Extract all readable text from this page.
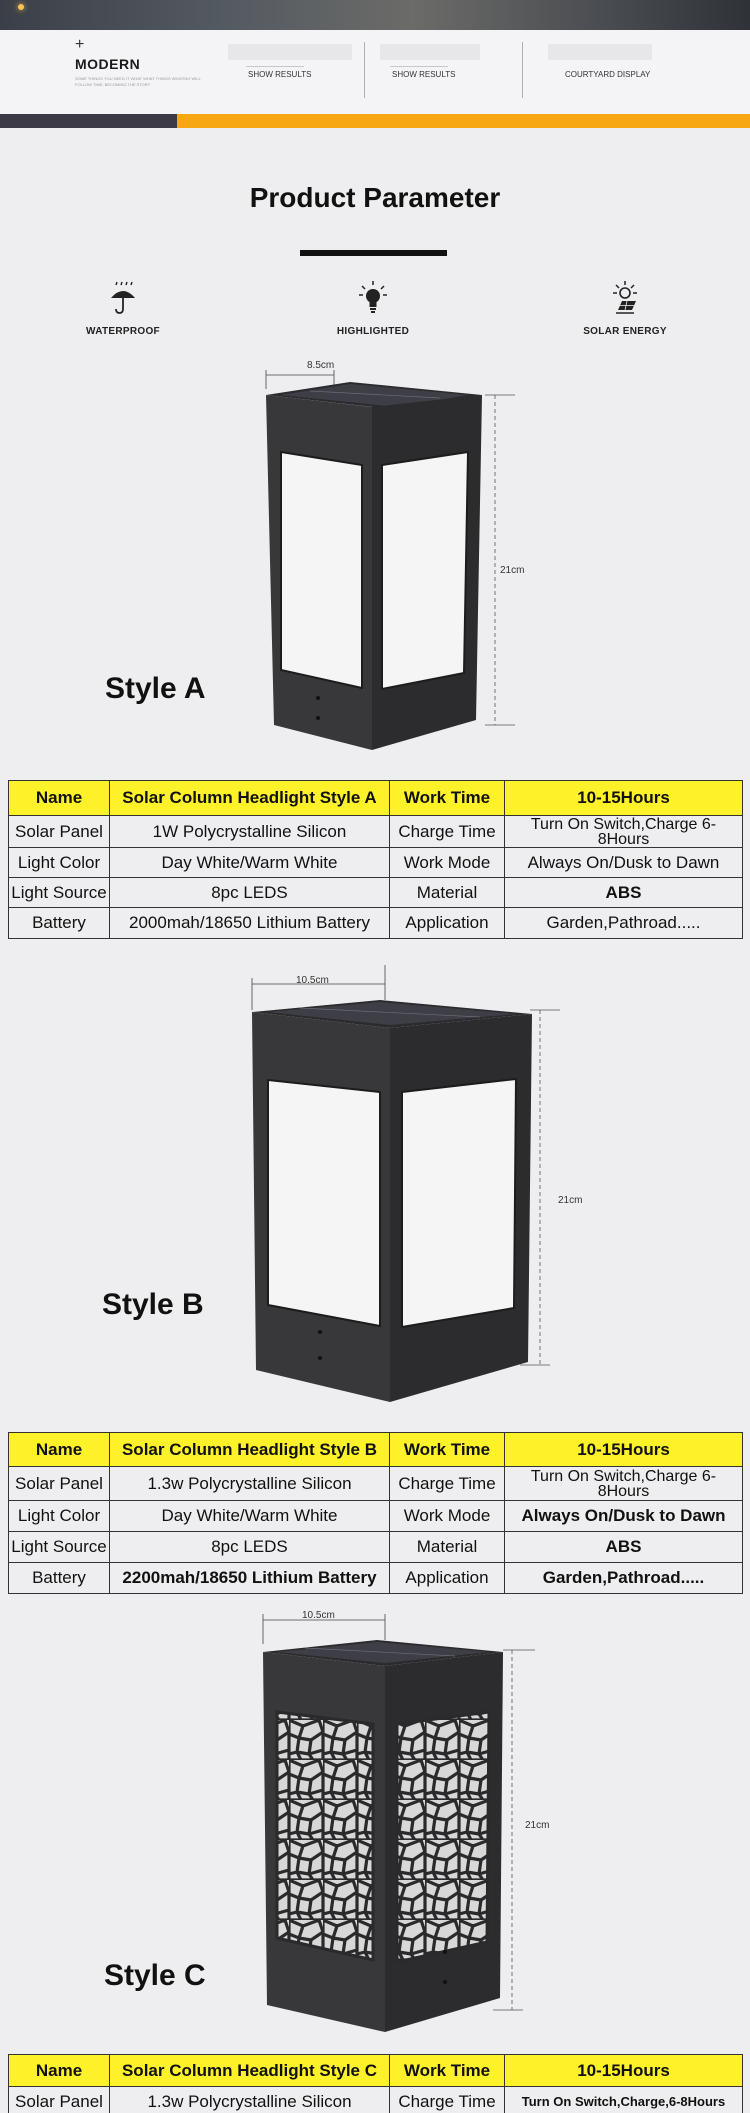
+
MODERN
SOME THINGS YOU NEED IT WHAT WHAT THINGS WHATING WILL FOLLOW TIME, BECOMING THE STORY
SHOW RESULTS	SHOW RESULTS	COURTYARD DISPLAY
Product Parameter
WATERPROOF	HIGHLIGHTED	SOLAR ENERGY
8.5cm
21cm
Style A
Name	Solar Column Headlight Style A	Work Time	10-15Hours
Solar Panel	1W Polycrystalline Silicon	Charge Time	Turn On Switch,Charge 6-8Hours
Light Color	Day White/Warm White	Work Mode	Always On/Dusk to Dawn
Light Source	8pc LEDS	Material	ABS
Battery	2000mah/18650 Lithium Battery	Application	Garden,Pathroad.....
10.5cm
21cm
Style B
Name	Solar Column Headlight Style B	Work Time	10-15Hours
Solar Panel	1.3w Polycrystalline Silicon	Charge Time	Turn On Switch,Charge 6-8Hours
Light Color	Day White/Warm White	Work Mode	Always On/Dusk to Dawn
Light Source	8pc LEDS	Material	ABS
Battery	2200mah/18650 Lithium Battery	Application	Garden,Pathroad.....
10.5cm
21cm
Style C
Name	Solar Column Headlight Style C	Work Time	10-15Hours
Solar Panel	1.3w Polycrystalline Silicon	Charge Time	Turn On Switch,Charge,6-8Hours
